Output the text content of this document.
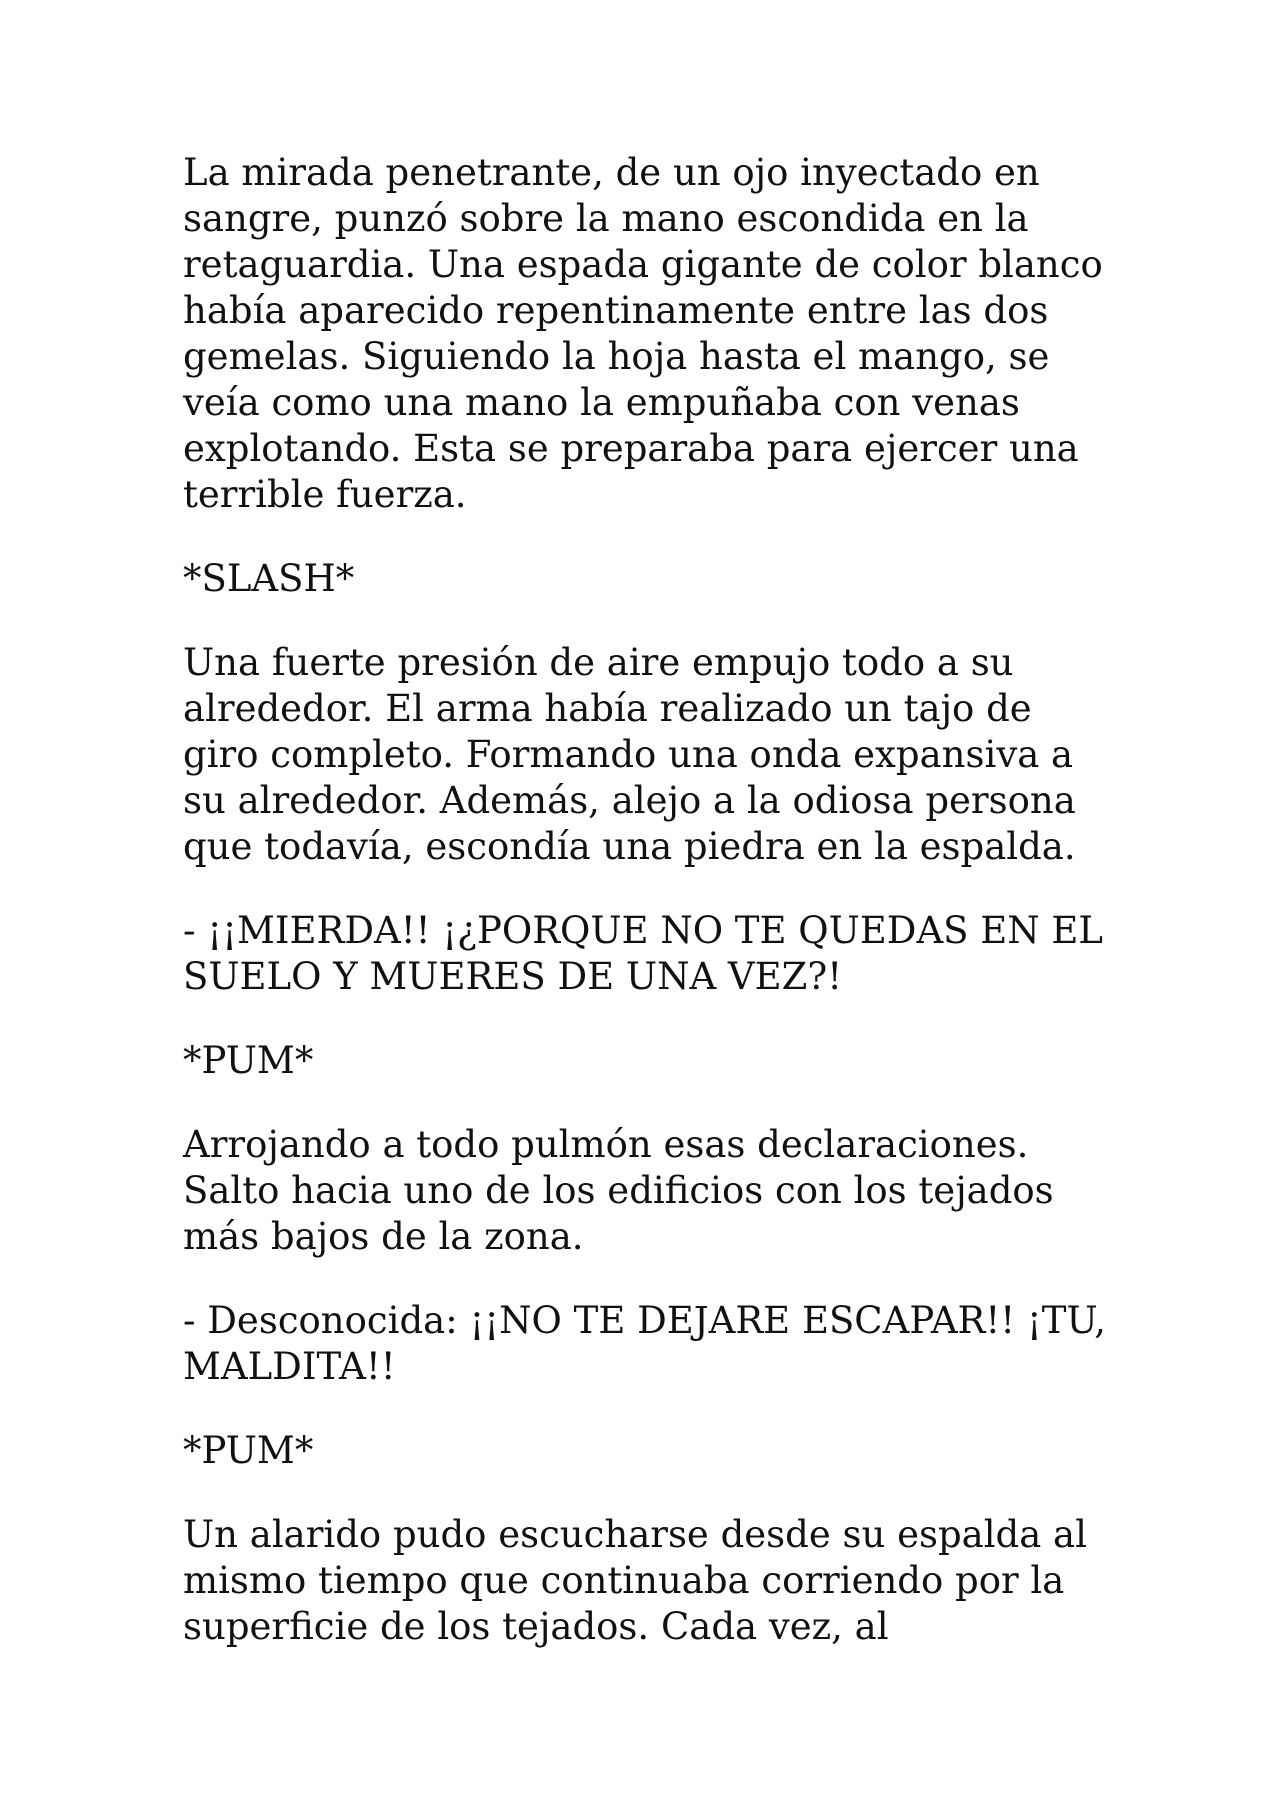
La mirada penetrante, de un ojo inyectado en
sangre, punzó sobre la mano escondida en la
retaguardia. Una espada gigante de color blanco
había aparecido repentinamente entre las dos
gemelas. Siguiendo la hoja hasta el mango, se
veía como una mano la empuñaba con venas
explotando. Esta se preparaba para ejercer una
terrible fuerza.

*SLASH*

Una fuerte presión de aire empujo todo a su
alrededor. El arma había realizado un tajo de
giro completo. Formando una onda expansiva a
su alrededor. Además, alejo a la odiosa persona
que todavía, escondía una piedra en la espalda.

- ¡¡MIERDA!! ¡¿PORQUE NO TE QUEDAS EN EL
SUELO Y MUERES DE UNA VEZ?!

*PUM*

Arrojando a todo pulmón esas declaraciones.
Salto hacia uno de los edificios con los tejados
más bajos de la zona.

- Desconocida: ¡¡NO TE DEJARE ESCAPAR!! ¡TU,
MALDITA!!

*PUM*

Un alarido pudo escucharse desde su espalda al
mismo tiempo que continuaba corriendo por la
superficie de los tejados. Cada vez, al
